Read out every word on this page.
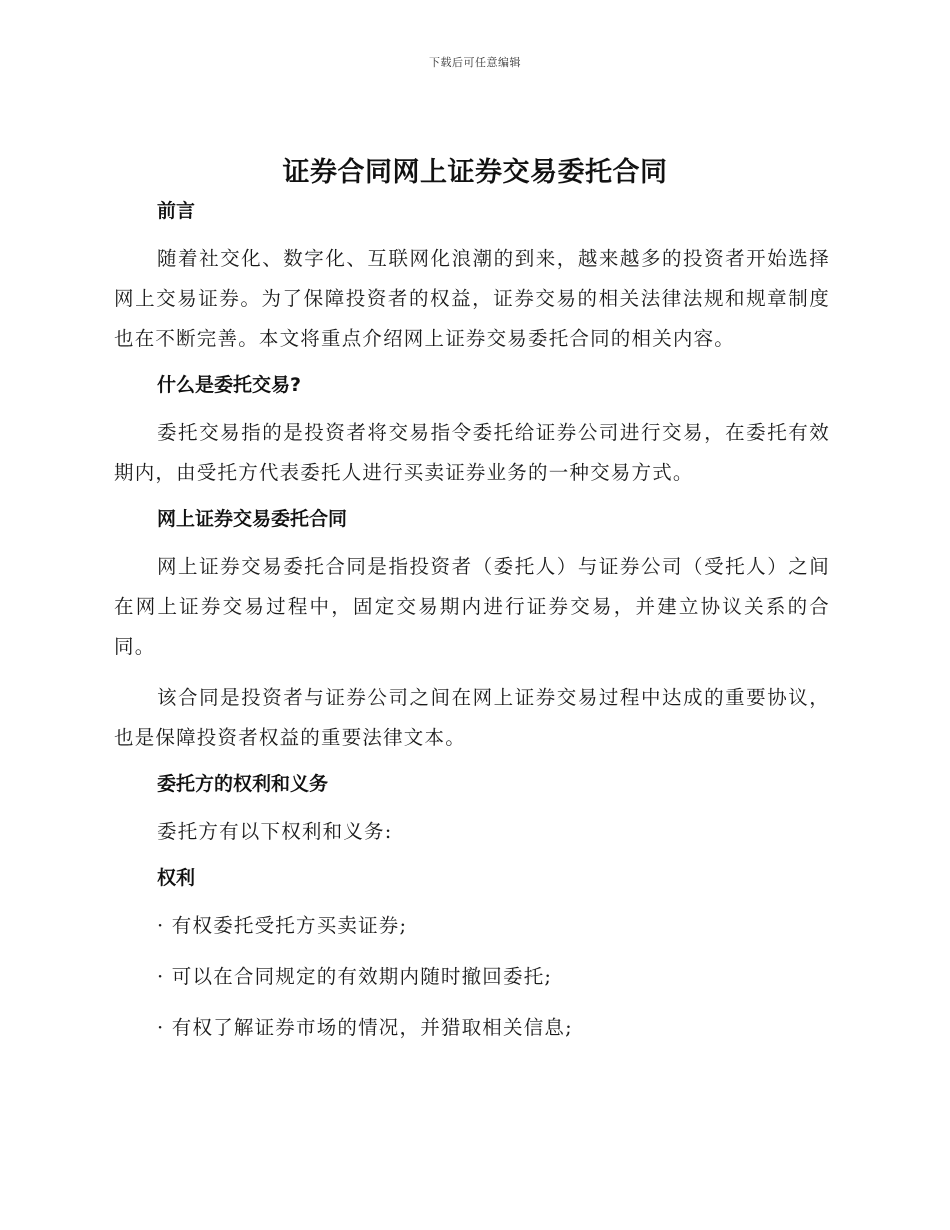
下载后可任意编辑
证券合同网上证券交易委托合同

前言

随着社交化、数字化、互联网化浪潮的到来，越来越多的投资者开始选择网上交易证券。为了保障投资者的权益，证券交易的相关法律法规和规章制度也在不断完善。本文将重点介绍网上证券交易委托合同的相关内容。

什么是委托交易?

委托交易指的是投资者将交易指令委托给证券公司进行交易，在委托有效期内，由受托方代表委托人进行买卖证券业务的一种交易方式。

网上证券交易委托合同

网上证券交易委托合同是指投资者（委托人）与证券公司（受托人）之间在网上证券交易过程中，固定交易期内进行证券交易，并建立协议关系的合同。

该合同是投资者与证券公司之间在网上证券交易过程中达成的重要协议，也是保障投资者权益的重要法律文本。

委托方的权利和义务

委托方有以下权利和义务:

权利

· 有权委托受托方买卖证券;

· 可以在合同规定的有效期内随时撤回委托;

· 有权了解证券市场的情况，并猎取相关信息;
